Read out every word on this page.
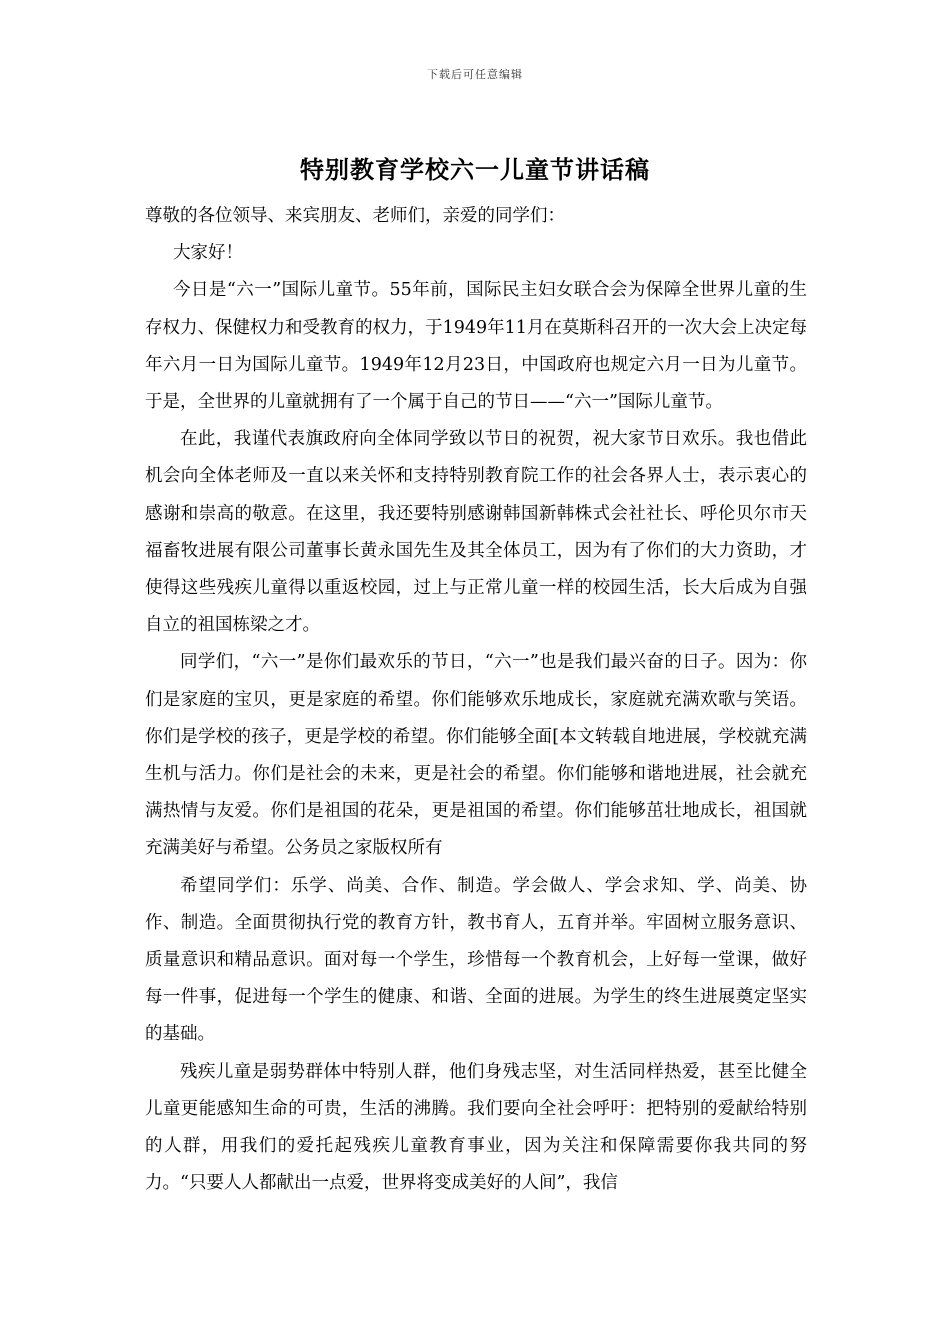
下载后可任意编辑
特别教育学校六一儿童节讲话稿

尊敬的各位领导、来宾朋友、老师们，亲爱的同学们：

大家好！

今日是“六一”国际儿童节。55年前，国际民主妇女联合会为保障全世界儿童的生存权力、保健权力和受教育的权力，于1949年11月在莫斯科召开的一次大会上决定每年六月一日为国际儿童节。1949年12月23日，中国政府也规定六月一日为儿童节。于是，全世界的儿童就拥有了一个属于自己的节日——“六一”国际儿童节。

在此，我谨代表旗政府向全体同学致以节日的祝贺，祝大家节日欢乐。我也借此机会向全体老师及一直以来关怀和支持特别教育院工作的社会各界人士，表示衷心的感谢和崇高的敬意。在这里，我还要特别感谢韩国新韩株式会社社长、呼伦贝尔市天福畜牧进展有限公司董事长黄永国先生及其全体员工，因为有了你们的大力资助，才使得这些残疾儿童得以重返校园，过上与正常儿童一样的校园生活，长大后成为自强自立的祖国栋梁之才。

同学们，“六一”是你们最欢乐的节日，“六一”也是我们最兴奋的日子。因为：你们是家庭的宝贝，更是家庭的希望。你们能够欢乐地成长，家庭就充满欢歌与笑语。你们是学校的孩子，更是学校的希望。你们能够全面[本文转载自地进展，学校就充满生机与活力。你们是社会的未来，更是社会的希望。你们能够和谐地进展，社会就充满热情与友爱。你们是祖国的花朵，更是祖国的希望。你们能够茁壮地成长，祖国就充满美好与希望。公务员之家版权所有

希望同学们：乐学、尚美、合作、制造。学会做人、学会求知、学、尚美、协作、制造。全面贯彻执行党的教育方针，教书育人，五育并举。牢固树立服务意识、质量意识和精品意识。面对每一个学生，珍惜每一个教育机会，上好每一堂课，做好每一件事，促进每一个学生的健康、和谐、全面的进展。为学生的终生进展奠定坚实的基础。

残疾儿童是弱势群体中特别人群，他们身残志坚，对生活同样热爱，甚至比健全儿童更能感知生命的可贵，生活的沸腾。我们要向全社会呼吁：把特别的爱献给特别的人群，用我们的爱托起残疾儿童教育事业，因为关注和保障需要你我共同的努力。“只要人人都献出一点爱，世界将变成美好的人间”，我信
